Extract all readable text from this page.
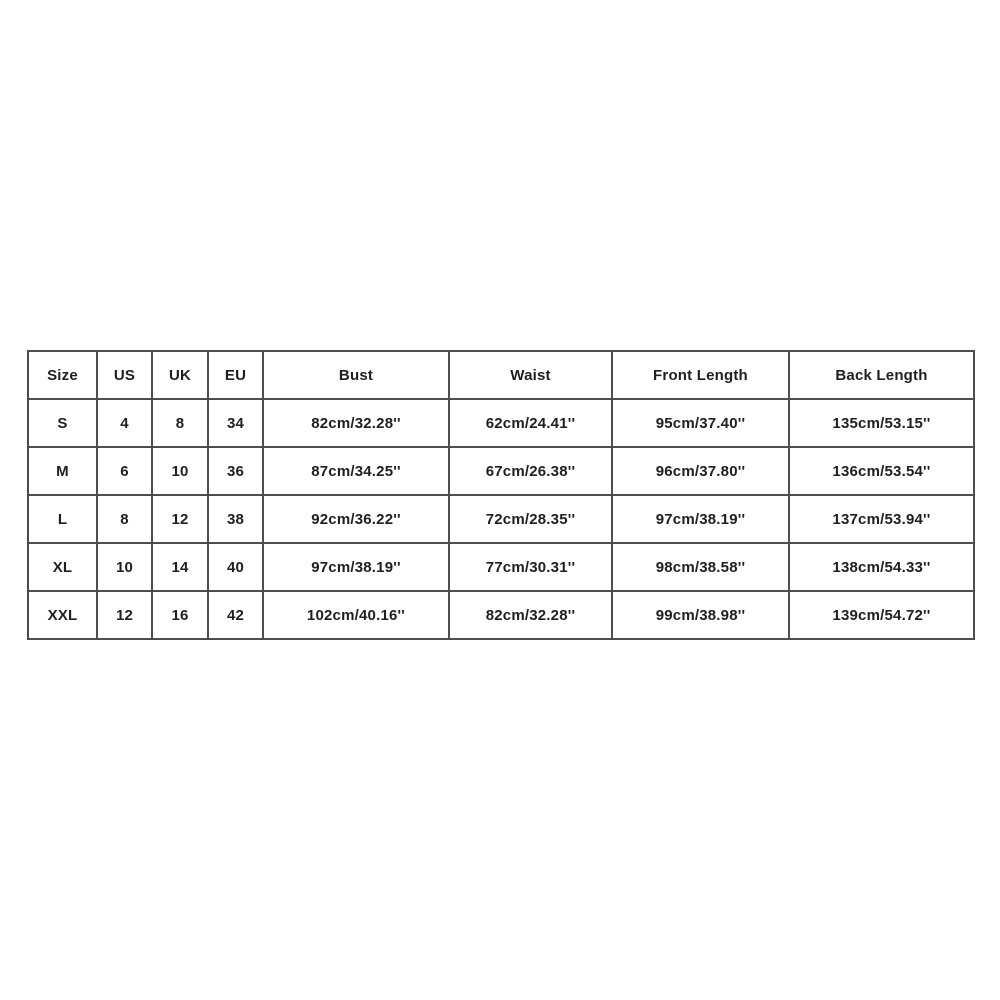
Size	US	UK	EU	Bust	Waist	Front Length	Back Length
S	4	8	34	82cm/32.28''	62cm/24.41''	95cm/37.40''	135cm/53.15''
M	6	10	36	87cm/34.25''	67cm/26.38''	96cm/37.80''	136cm/53.54''
L	8	12	38	92cm/36.22''	72cm/28.35''	97cm/38.19''	137cm/53.94''
XL	10	14	40	97cm/38.19''	77cm/30.31''	98cm/38.58''	138cm/54.33''
XXL	12	16	42	102cm/40.16''	82cm/32.28''	99cm/38.98''	139cm/54.72''
